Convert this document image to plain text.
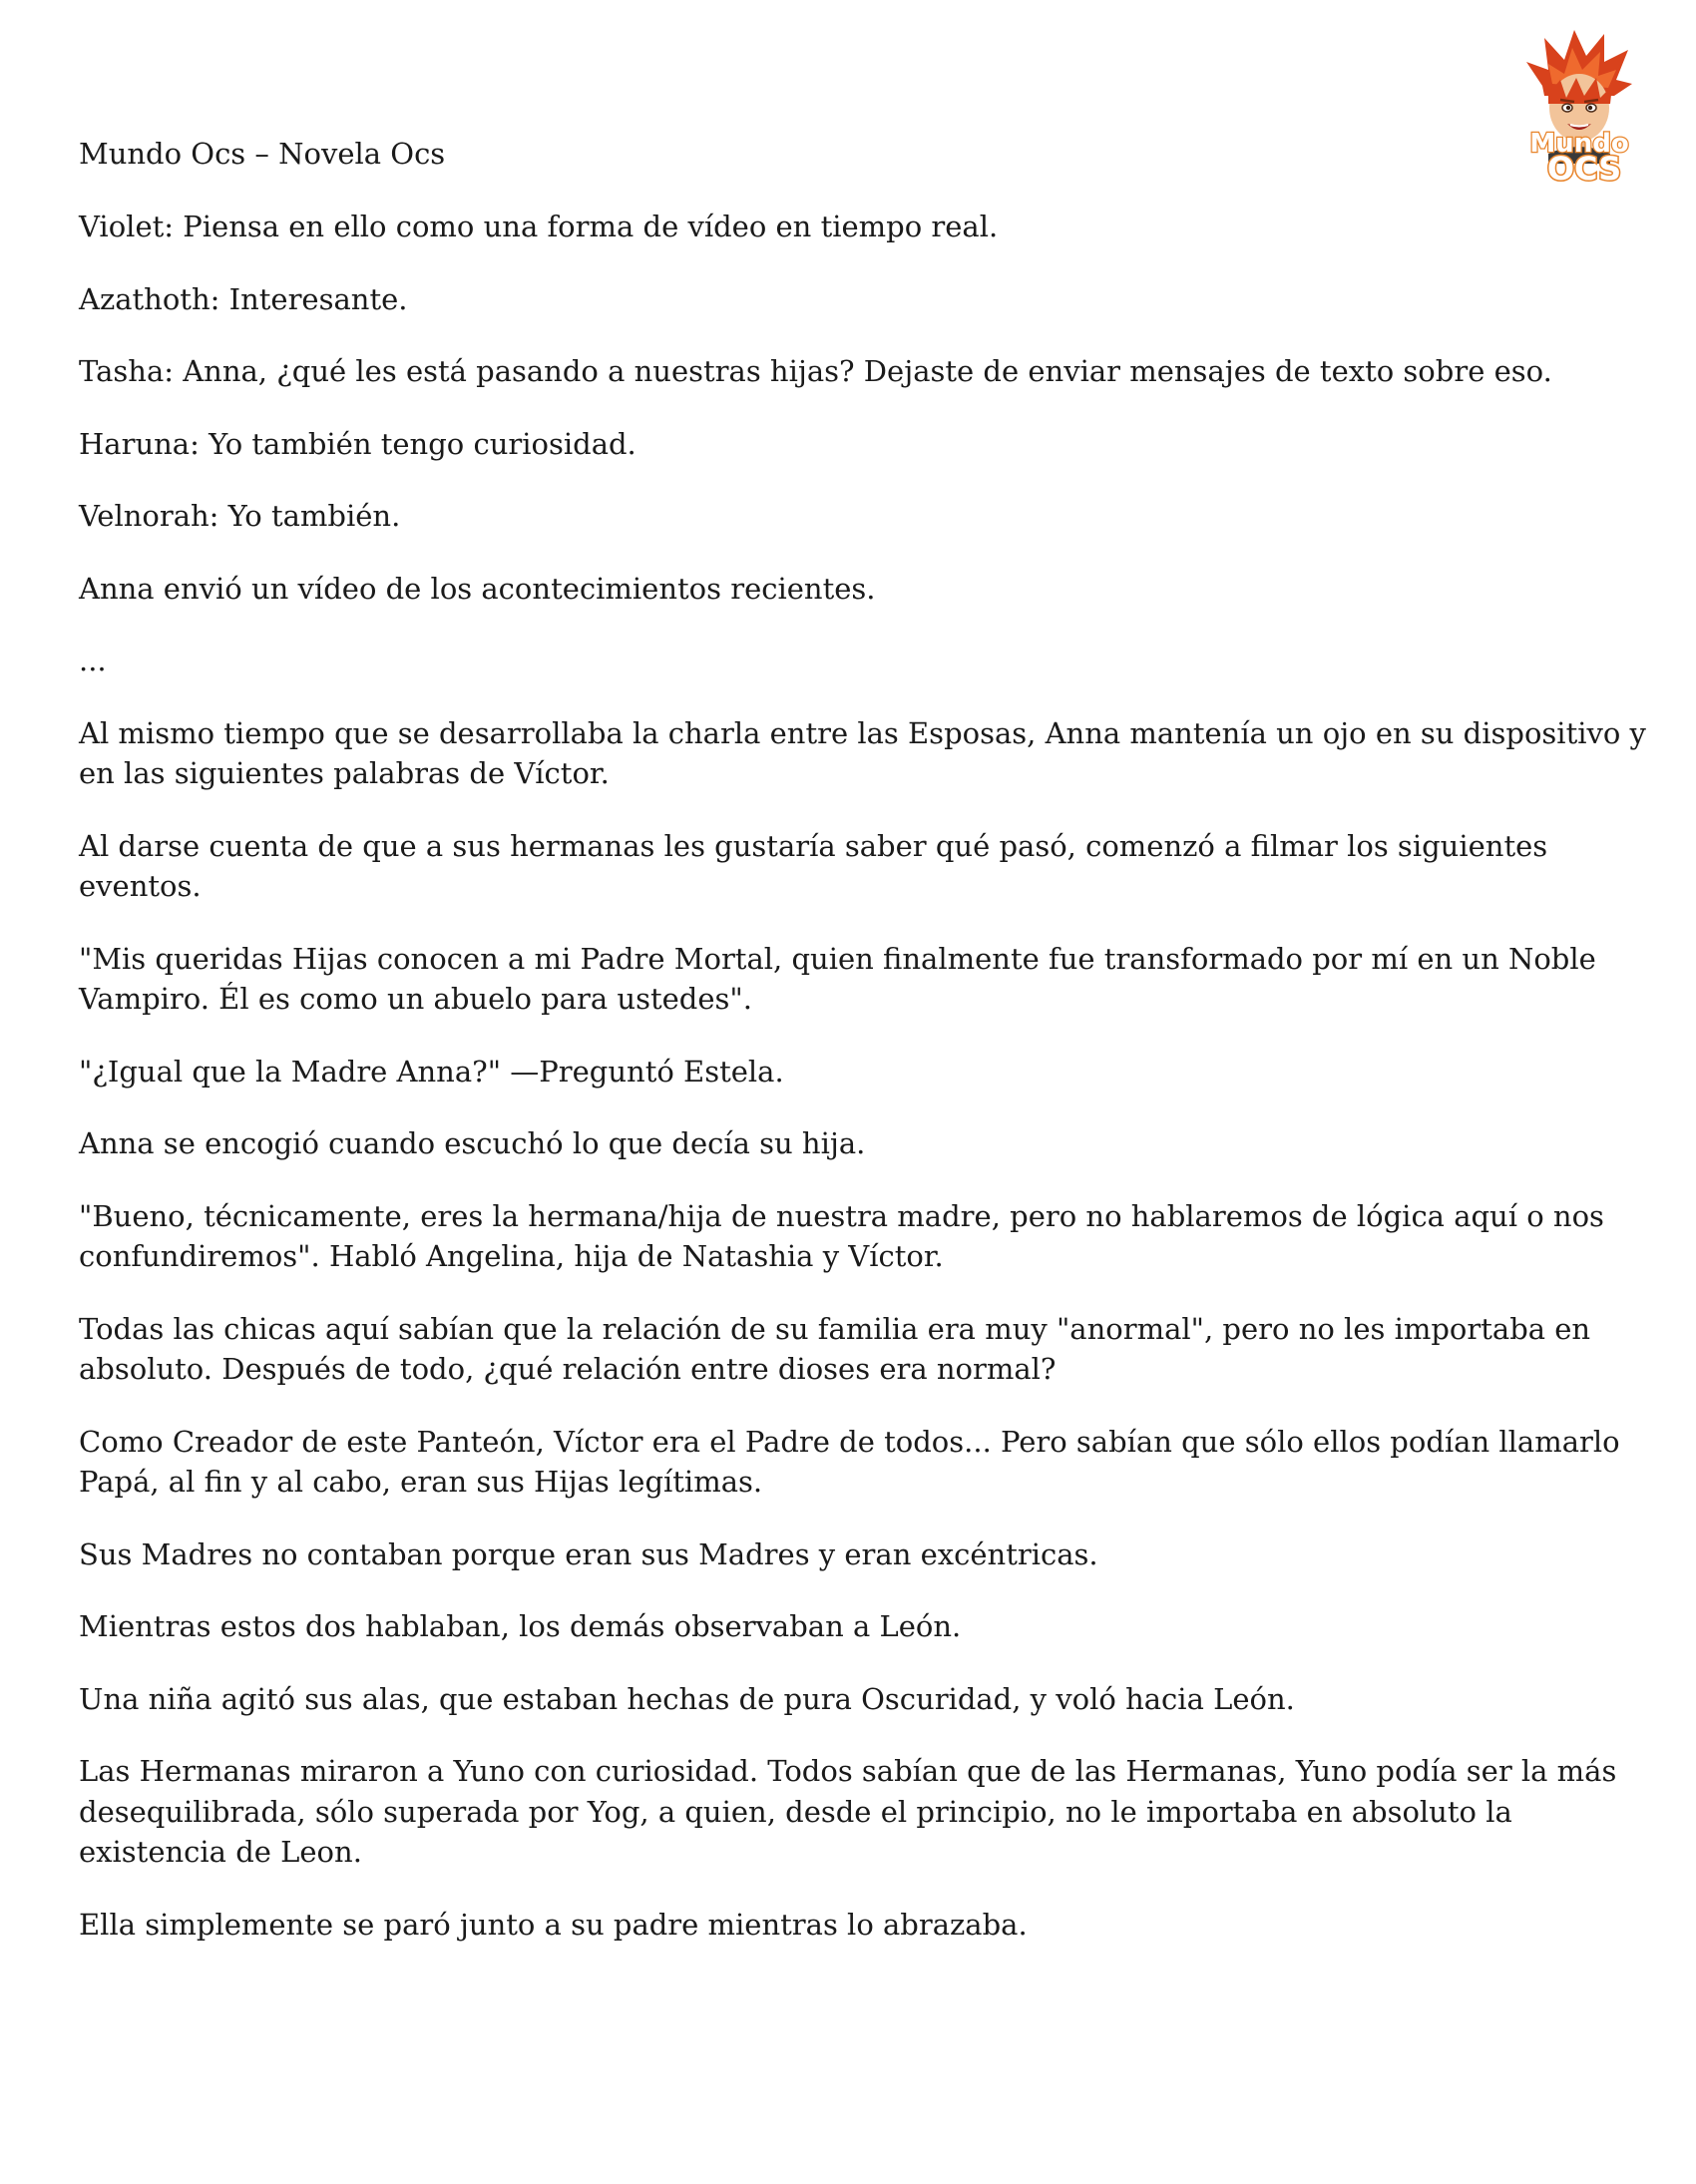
Mundo Ocs – Novela Ocs	Mundo
OCS

Violet: Piensa en ello como una forma de vídeo en tiempo real.

Azathoth: Interesante.

Tasha: Anna, ¿qué les está pasando a nuestras hijas? Dejaste de enviar mensajes de texto sobre eso.

Haruna: Yo también tengo curiosidad.

Velnorah: Yo también.

Anna envió un vídeo de los acontecimientos recientes.

...

Al mismo tiempo que se desarrollaba la charla entre las Esposas, Anna mantenía un ojo en su dispositivo y en las siguientes palabras de Víctor.

Al darse cuenta de que a sus hermanas les gustaría saber qué pasó, comenzó a filmar los siguientes eventos.

"Mis queridas Hijas conocen a mi Padre Mortal, quien finalmente fue transformado por mí en un Noble Vampiro. Él es como un abuelo para ustedes".

"¿Igual que la Madre Anna?" —Preguntó Estela.

Anna se encogió cuando escuchó lo que decía su hija.

"Bueno, técnicamente, eres la hermana/hija de nuestra madre, pero no hablaremos de lógica aquí o nos confundiremos". Habló Angelina, hija de Natashia y Víctor.

Todas las chicas aquí sabían que la relación de su familia era muy "anormal", pero no les importaba en absoluto. Después de todo, ¿qué relación entre dioses era normal?

Como Creador de este Panteón, Víctor era el Padre de todos... Pero sabían que sólo ellos podían llamarlo Papá, al fin y al cabo, eran sus Hijas legítimas.

Sus Madres no contaban porque eran sus Madres y eran excéntricas.

Mientras estos dos hablaban, los demás observaban a León.

Una niña agitó sus alas, que estaban hechas de pura Oscuridad, y voló hacia León.

Las Hermanas miraron a Yuno con curiosidad. Todos sabían que de las Hermanas, Yuno podía ser la más desequilibrada, sólo superada por Yog, a quien, desde el principio, no le importaba en absoluto la existencia de Leon.

Ella simplemente se paró junto a su padre mientras lo abrazaba.
